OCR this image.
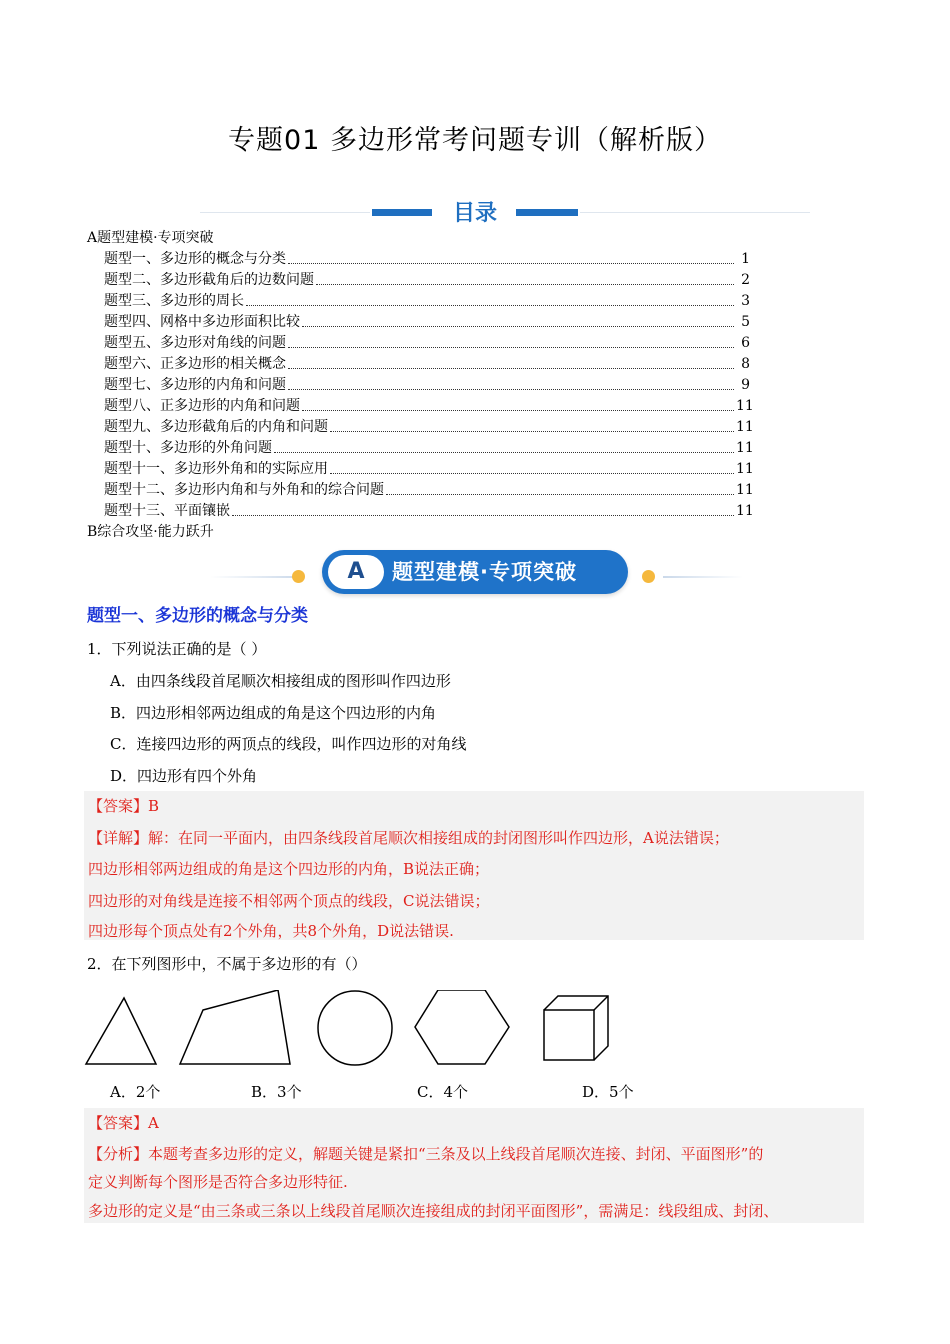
专题01 多边形常考问题专训（解析版）
目录
A题型建模·专项突破
题型一、多边形的概念与分类	1
题型二、多边形截角后的边数问题	2
题型三、多边形的周长	3
题型四、网格中多边形面积比较	5
题型五、多边形对角线的问题	6
题型六、正多边形的相关概念	8
题型七、多边形的内角和问题	9
题型八、正多边形的内角和问题	11
题型九、多边形截角后的内角和问题	11
题型十、多边形的外角问题	11
题型十一、多边形外角和的实际应用	11
题型十二、多边形内角和与外角和的综合问题	11
题型十三、平面镶嵌	11
B综合攻坚·能力跃升
A	题型建模·专项突破
题型一、多边形的概念与分类
1．下列说法正确的是（ ）
A．由四条线段首尾顺次相接组成的图形叫作四边形
B．四边形相邻两边组成的角是这个四边形的内角
C．连接四边形的两顶点的线段，叫作四边形的对角线
D．四边形有四个外角
【答案】B
【详解】解：在同一平面内，由四条线段首尾顺次相接组成的封闭图形叫作四边形，A说法错误；
四边形相邻两边组成的角是这个四边形的内角，B说法正确；
四边形的对角线是连接不相邻两个顶点的线段，C说法错误；
四边形每个顶点处有2个外角，共8个外角，D说法错误.
2．在下列图形中，不属于多边形的有（）
A．2个	B．3个	C．4个	D．5个
【答案】A
【分析】本题考查多边形的定义，解题关键是紧扣“三条及以上线段首尾顺次连接、封闭、平面图形”的
定义判断每个图形是否符合多边形特征.
多边形的定义是“由三条或三条以上线段首尾顺次连接组成的封闭平面图形”，需满足：线段组成、封闭、
